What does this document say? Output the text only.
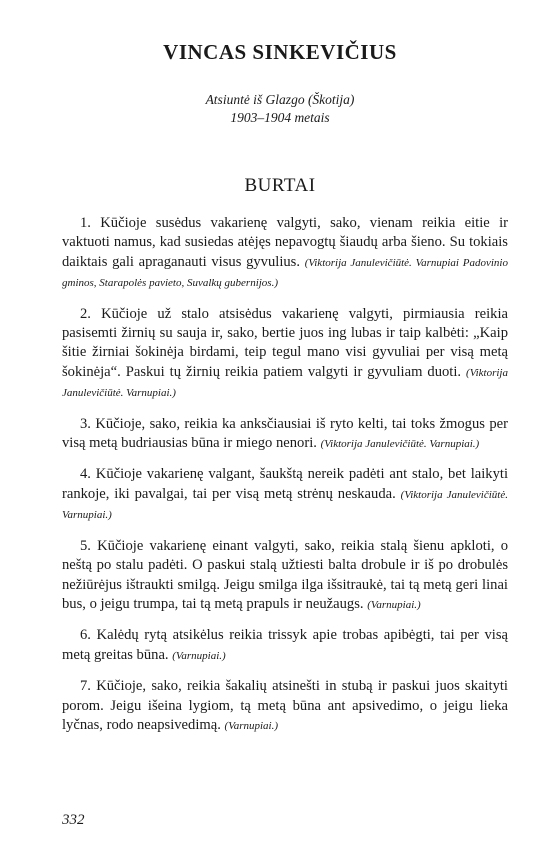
VINCAS SINKEVIČIUS
Atsiuntė iš Glazgo (Škotija)
1903–1904 metais
BURTAI

1. Kūčioje susėdus vakarienę valgyti, sako, vienam reikia eitie ir vaktuoti namus, kad susiedas atėjęs nepavogtų šiaudų arba šieno. Su tokiais daiktais gali apraganauti visus gyvulius. (Viktorija Janulevičiūtė. Varnupiai Padovinio gminos, Starapolės pavieto, Suvalkų gubernijos.)

2. Kūčioje už stalo atsisėdus vakarienę valgyti, pirmiausia reikia pasisemti žirnių su sauja ir, sako, bertie juos ing lubas ir taip kalbėti: „Kaip šitie žirniai šokinėja birdami, teip tegul mano visi gyvuliai per visą metą šokinėja“. Paskui tų žirnių reikia patiem valgyti ir gyvuliam duoti. (Viktorija Janulevičiūtė. Varnupiai.)

3. Kūčioje, sako, reikia ka anksčiausiai iš ryto kelti, tai toks žmogus per visą metą budriausias būna ir miego nenori. (Viktorija Janulevičiūtė. Varnupiai.)

4. Kūčioje vakarienę valgant, šaukštą nereik padėti ant stalo, bet laikyti rankoje, iki pavalgai, tai per visą metą strėnų neskauda. (Viktorija Janulevičiūtė. Varnupiai.)

5. Kūčioje vakarienę einant valgyti, sako, reikia stalą šienu apkloti, o neštą po stalu padėti. O paskui stalą užtiesti balta drobule ir iš po drobulės nežiūrėjus ištraukti smilgą. Jeigu smilga ilga išsitraukė, tai tą metą geri linai bus, o jeigu trumpa, tai tą metą prapuls ir neužaugs. (Varnupiai.)

6. Kalėdų rytą atsikėlus reikia trissyk apie trobas apibėgti, tai per visą metą greitas būna. (Varnupiai.)

7. Kūčioje, sako, reikia šakalių atsinešti in stubą ir paskui juos skaityti porom. Jeigu išeina lygiom, tą metą būna ant apsivedimo, o jeigu lieka lyčnas, rodo neapsivedimą. (Varnupiai.)

332
